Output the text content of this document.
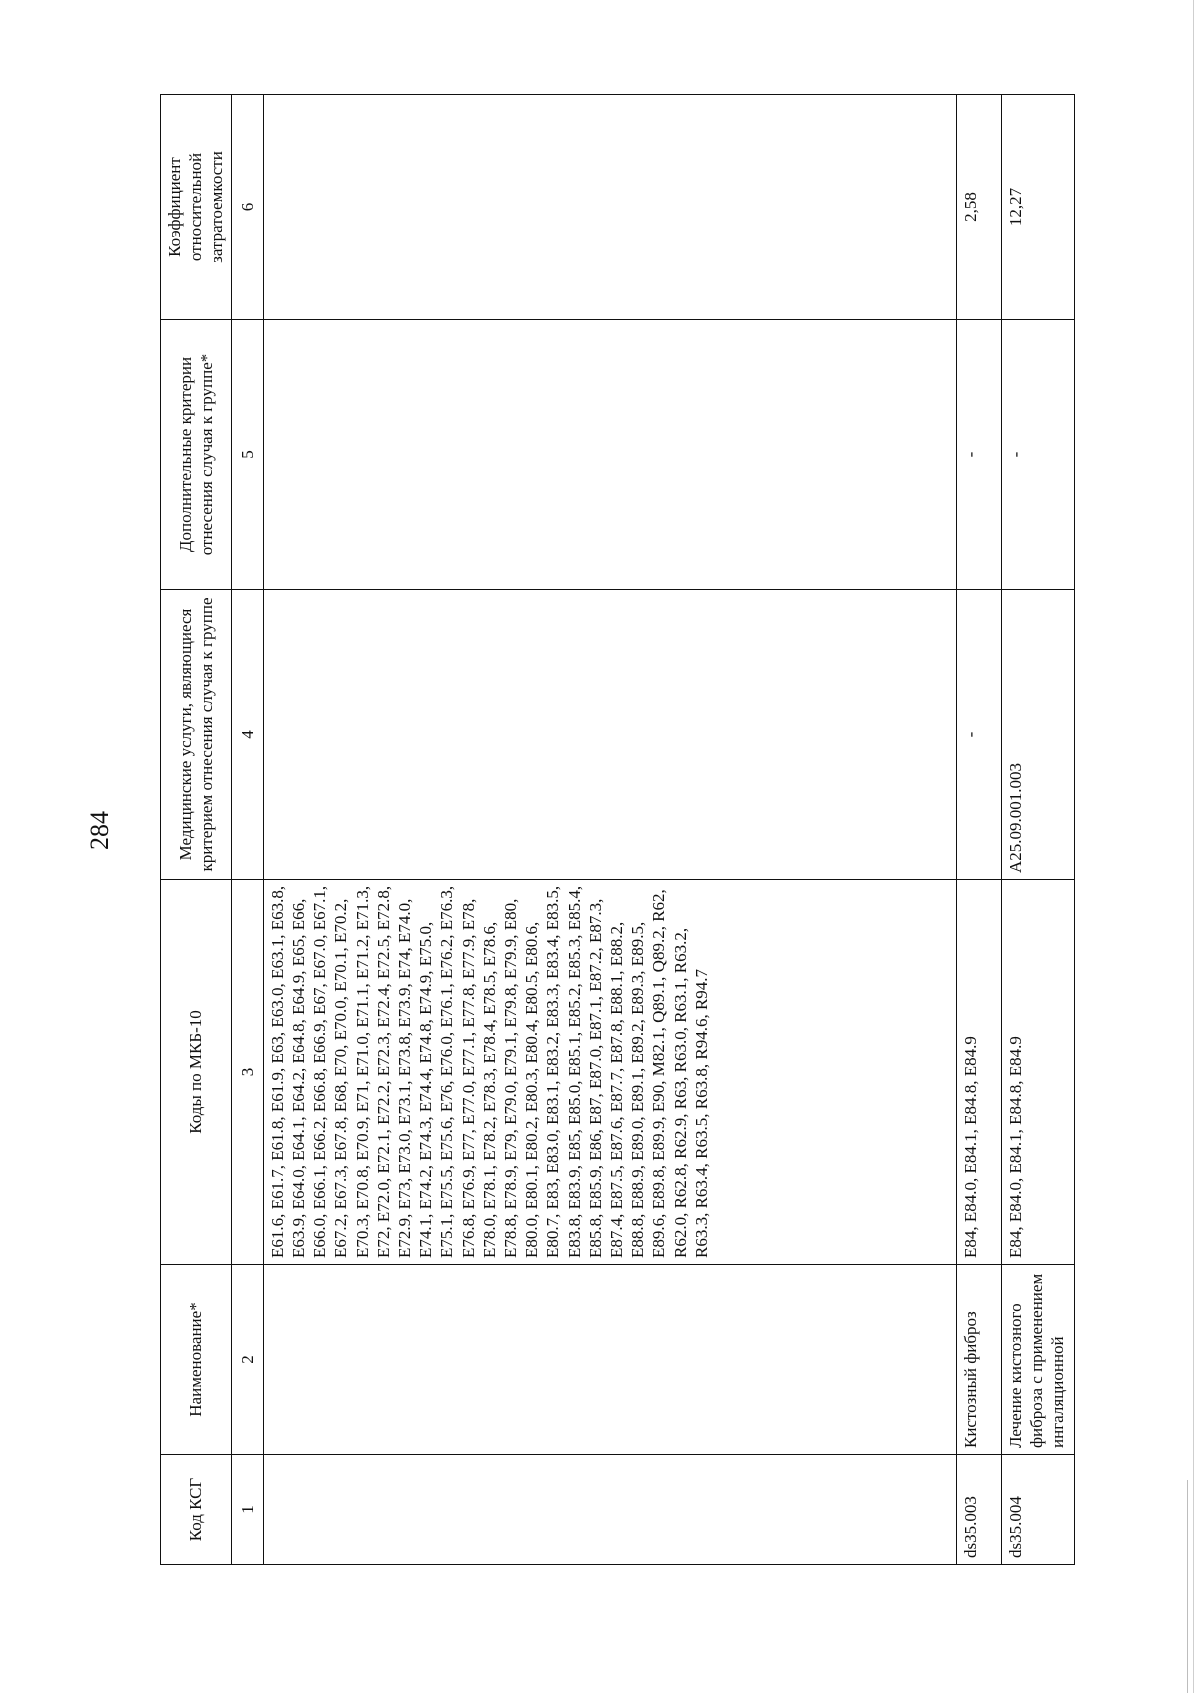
284
Код КСГ	Наименование*	Коды по МКБ-10	Медицинские услуги, являющиеся критерием отнесения случая к группе	Дополнительные критерии отнесения случая к группе*	Коэффициент относительной затратоемкости
1	2	3	4	5	6
		E61.6, E61.7, E61.8, E61.9, E63, E63.0, E63.1, E63.8, E63.9, E64.0, E64.1, E64.2, E64.8, E64.9, E65, E66, E66.0, E66.1, E66.2, E66.8, E66.9, E67, E67.0, E67.1, E67.2, E67.3, E67.8, E68, E70, E70.0, E70.1, E70.2, E70.3, E70.8, E70.9, E71, E71.0, E71.1, E71.2, E71.3, E72, E72.0, E72.1, E72.2, E72.3, E72.4, E72.5, E72.8, E72.9, E73, E73.0, E73.1, E73.8, E73.9, E74, E74.0, E74.1, E74.2, E74.3, E74.4, E74.8, E74.9, E75.0, E75.1, E75.5, E75.6, E76, E76.0, E76.1, E76.2, E76.3, E76.8, E76.9, E77, E77.0, E77.1, E77.8, E77.9, E78, E78.0, E78.1, E78.2, E78.3, E78.4, E78.5, E78.6, E78.8, E78.9, E79, E79.0, E79.1, E79.8, E79.9, E80, E80.0, E80.1, E80.2, E80.3, E80.4, E80.5, E80.6, E80.7, E83, E83.0, E83.1, E83.2, E83.3, E83.4, E83.5, E83.8, E83.9, E85, E85.0, E85.1, E85.2, E85.3, E85.4, E85.8, E85.9, E86, E87, E87.0, E87.1, E87.2, E87.3, E87.4, E87.5, E87.6, E87.7, E87.8, E88.1, E88.2, E88.8, E88.9, E89.0, E89.1, E89.2, E89.3, E89.5, E89.6, E89.8, E89.9, E90, M82.1, Q89.1, Q89.2, R62, R62.0, R62.8, R62.9, R63, R63.0, R63.1, R63.2, R63.3, R63.4, R63.5, R63.8, R94.6, R94.7			
ds35.003	Кистозный фиброз	E84, E84.0, E84.1, E84.8, E84.9	-	-	2,58
ds35.004	Лечение кистозного фиброза с применением ингаляционной	E84, E84.0, E84.1, E84.8, E84.9	A25.09.001.003	-	12,27
